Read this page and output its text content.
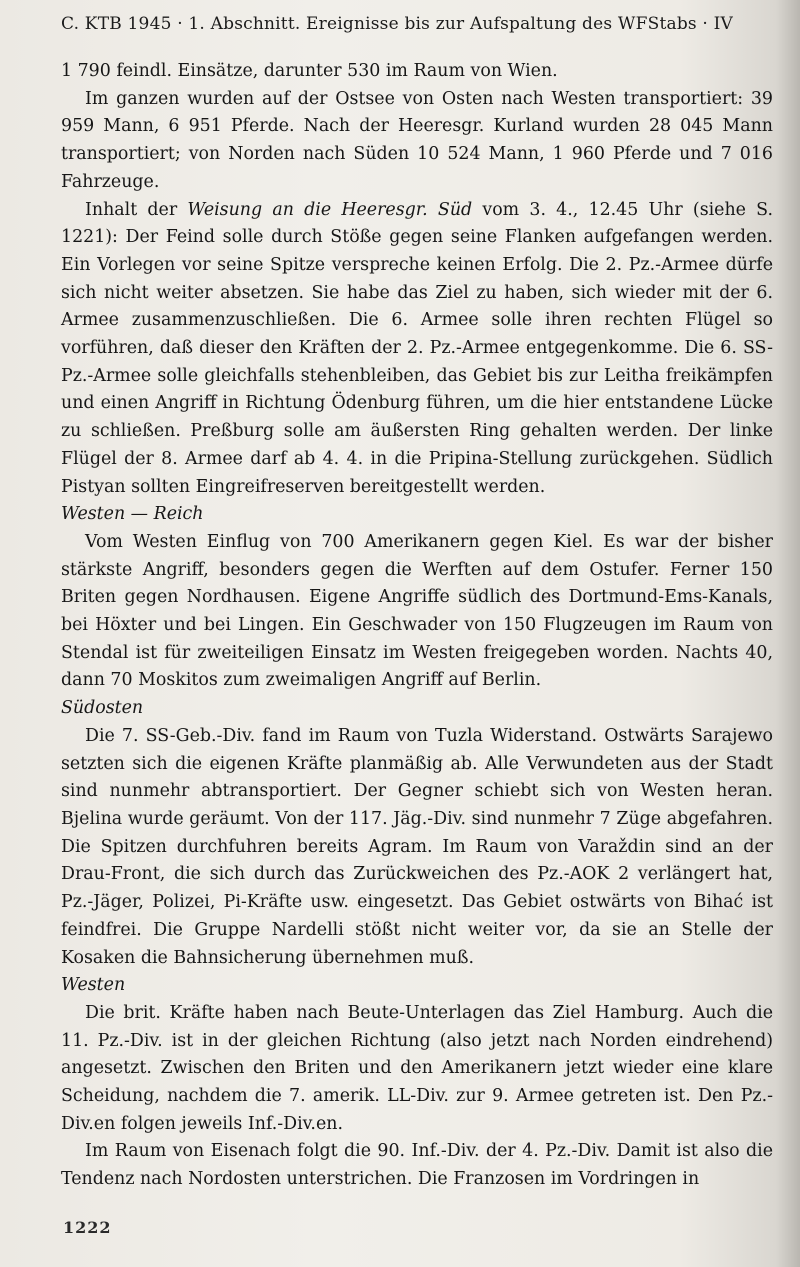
C. KTB 1945 · 1. Abschnitt. Ereignisse bis zur Aufspaltung des WFStabs · IV

1 790 feindl. Einsätze, darunter 530 im Raum von Wien.

Im ganzen wurden auf der Ostsee von Osten nach Westen transportiert: 39 959 Mann, 6 951 Pferde. Nach der Heeresgr. Kurland wurden 28 045 Mann transportiert; von Norden nach Süden 10 524 Mann, 1 960 Pferde und 7 016 Fahrzeuge.

Inhalt der Weisung an die Heeresgr. Süd vom 3. 4., 12.45 Uhr (siehe S. 1221): Der Feind solle durch Stöße gegen seine Flanken aufgefangen werden. Ein Vorlegen vor seine Spitze verspreche keinen Erfolg. Die 2. Pz.-Armee dürfe sich nicht weiter absetzen. Sie habe das Ziel zu haben, sich wieder mit der 6. Armee zusammenzuschließen. Die 6. Armee solle ihren rechten Flügel so vorführen, daß dieser den Kräften der 2. Pz.-Armee entgegenkomme. Die 6. SS-Pz.-Armee solle gleichfalls stehenbleiben, das Gebiet bis zur Leitha freikämpfen und einen Angriff in Richtung Ödenburg führen, um die hier entstandene Lücke zu schließen. Preßburg solle am äußersten Ring gehalten werden. Der linke Flügel der 8. Armee darf ab 4. 4. in die Pripina-Stellung zurückgehen. Südlich Pistyan sollten Eingreifreserven bereitgestellt werden.

Westen — Reich

Vom Westen Einflug von 700 Amerikanern gegen Kiel. Es war der bisher stärkste Angriff, besonders gegen die Werften auf dem Ostufer. Ferner 150 Briten gegen Nordhausen. Eigene Angriffe südlich des Dortmund-Ems-Kanals, bei Höxter und bei Lingen. Ein Geschwader von 150 Flugzeugen im Raum von Stendal ist für zweiteiligen Einsatz im Westen freigegeben worden. Nachts 40, dann 70 Moskitos zum zweimaligen Angriff auf Berlin.

Südosten

Die 7. SS-Geb.-Div. fand im Raum von Tuzla Widerstand. Ostwärts Sarajewo setzten sich die eigenen Kräfte planmäßig ab. Alle Verwundeten aus der Stadt sind nunmehr abtransportiert. Der Gegner schiebt sich von Westen heran. Bjelina wurde geräumt. Von der 117. Jäg.-Div. sind nunmehr 7 Züge abgefahren. Die Spitzen durchfuhren bereits Agram. Im Raum von Varaždin sind an der Drau-Front, die sich durch das Zurückweichen des Pz.-AOK 2 verlängert hat, Pz.-Jäger, Polizei, Pi-Kräfte usw. eingesetzt. Das Gebiet ostwärts von Bihać ist feindfrei. Die Gruppe Nardelli stößt nicht weiter vor, da sie an Stelle der Kosaken die Bahnsicherung übernehmen muß.

Westen

Die brit. Kräfte haben nach Beute-Unterlagen das Ziel Hamburg. Auch die 11. Pz.-Div. ist in der gleichen Richtung (also jetzt nach Norden eindrehend) angesetzt. Zwischen den Briten und den Amerikanern jetzt wieder eine klare Scheidung, nachdem die 7. amerik. LL-Div. zur 9. Armee getreten ist. Den Pz.-Div.en folgen jeweils Inf.-Div.en.

Im Raum von Eisenach folgt die 90. Inf.-Div. der 4. Pz.-Div. Damit ist also die Tendenz nach Nordosten unterstrichen. Die Franzosen im Vordringen in

1222
